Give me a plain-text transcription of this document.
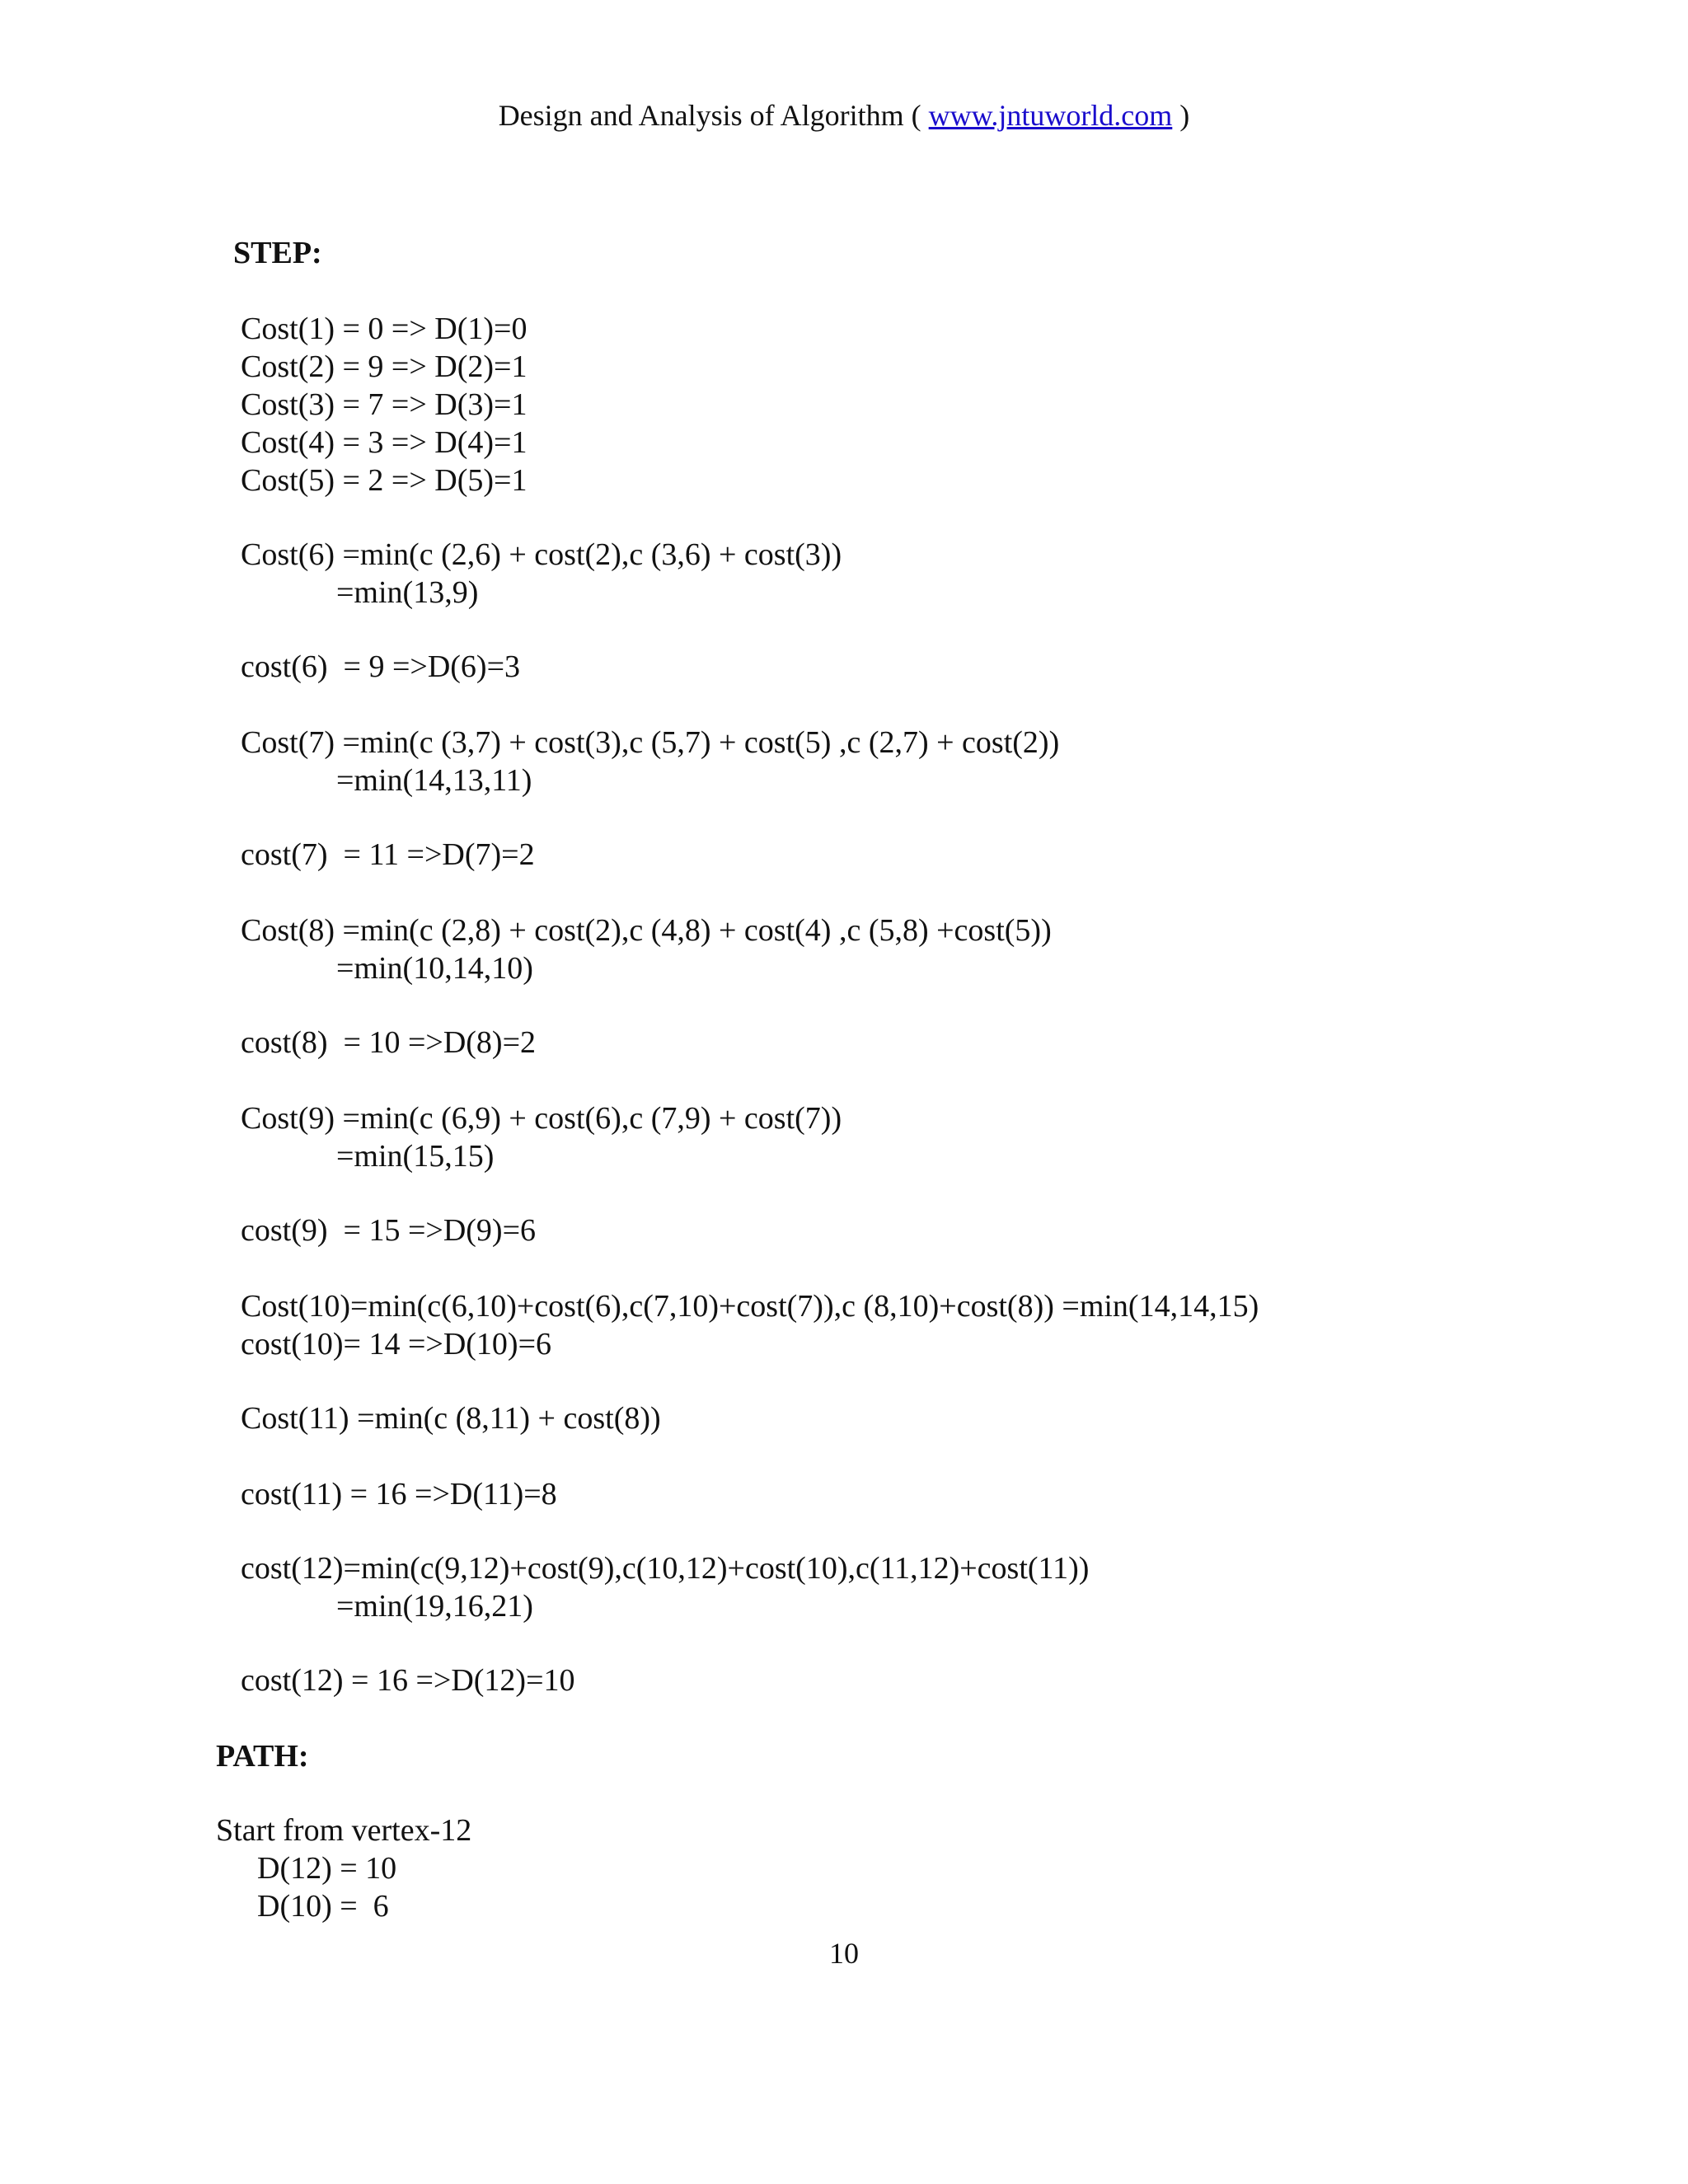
Design and Analysis of Algorithm ( www.jntuworld.com )
STEP:
Cost(1) = 0 => D(1)=0
Cost(2) = 9 => D(2)=1
Cost(3) = 7 => D(3)=1
Cost(4) = 3 => D(4)=1
Cost(5) = 2 => D(5)=1
Cost(6) =min(c (2,6) + cost(2),c (3,6) + cost(3))
=min(13,9)
cost(6)  = 9 =>D(6)=3
Cost(7) =min(c (3,7) + cost(3),c (5,7) + cost(5) ,c (2,7) + cost(2))
=min(14,13,11)
cost(7)  = 11 =>D(7)=2
Cost(8) =min(c (2,8) + cost(2),c (4,8) + cost(4) ,c (5,8) +cost(5))
=min(10,14,10)
cost(8)  = 10 =>D(8)=2
Cost(9) =min(c (6,9) + cost(6),c (7,9) + cost(7))
=min(15,15)
cost(9)  = 15 =>D(9)=6
Cost(10)=min(c(6,10)+cost(6),c(7,10)+cost(7)),c (8,10)+cost(8)) =min(14,14,15)
cost(10)= 14 =>D(10)=6
Cost(11) =min(c (8,11) + cost(8))
cost(11) = 16 =>D(11)=8
cost(12)=min(c(9,12)+cost(9),c(10,12)+cost(10),c(11,12)+cost(11))
=min(19,16,21)
cost(12) = 16 =>D(12)=10
PATH:
Start from vertex-12
D(12) = 10
D(10) =  6
10
